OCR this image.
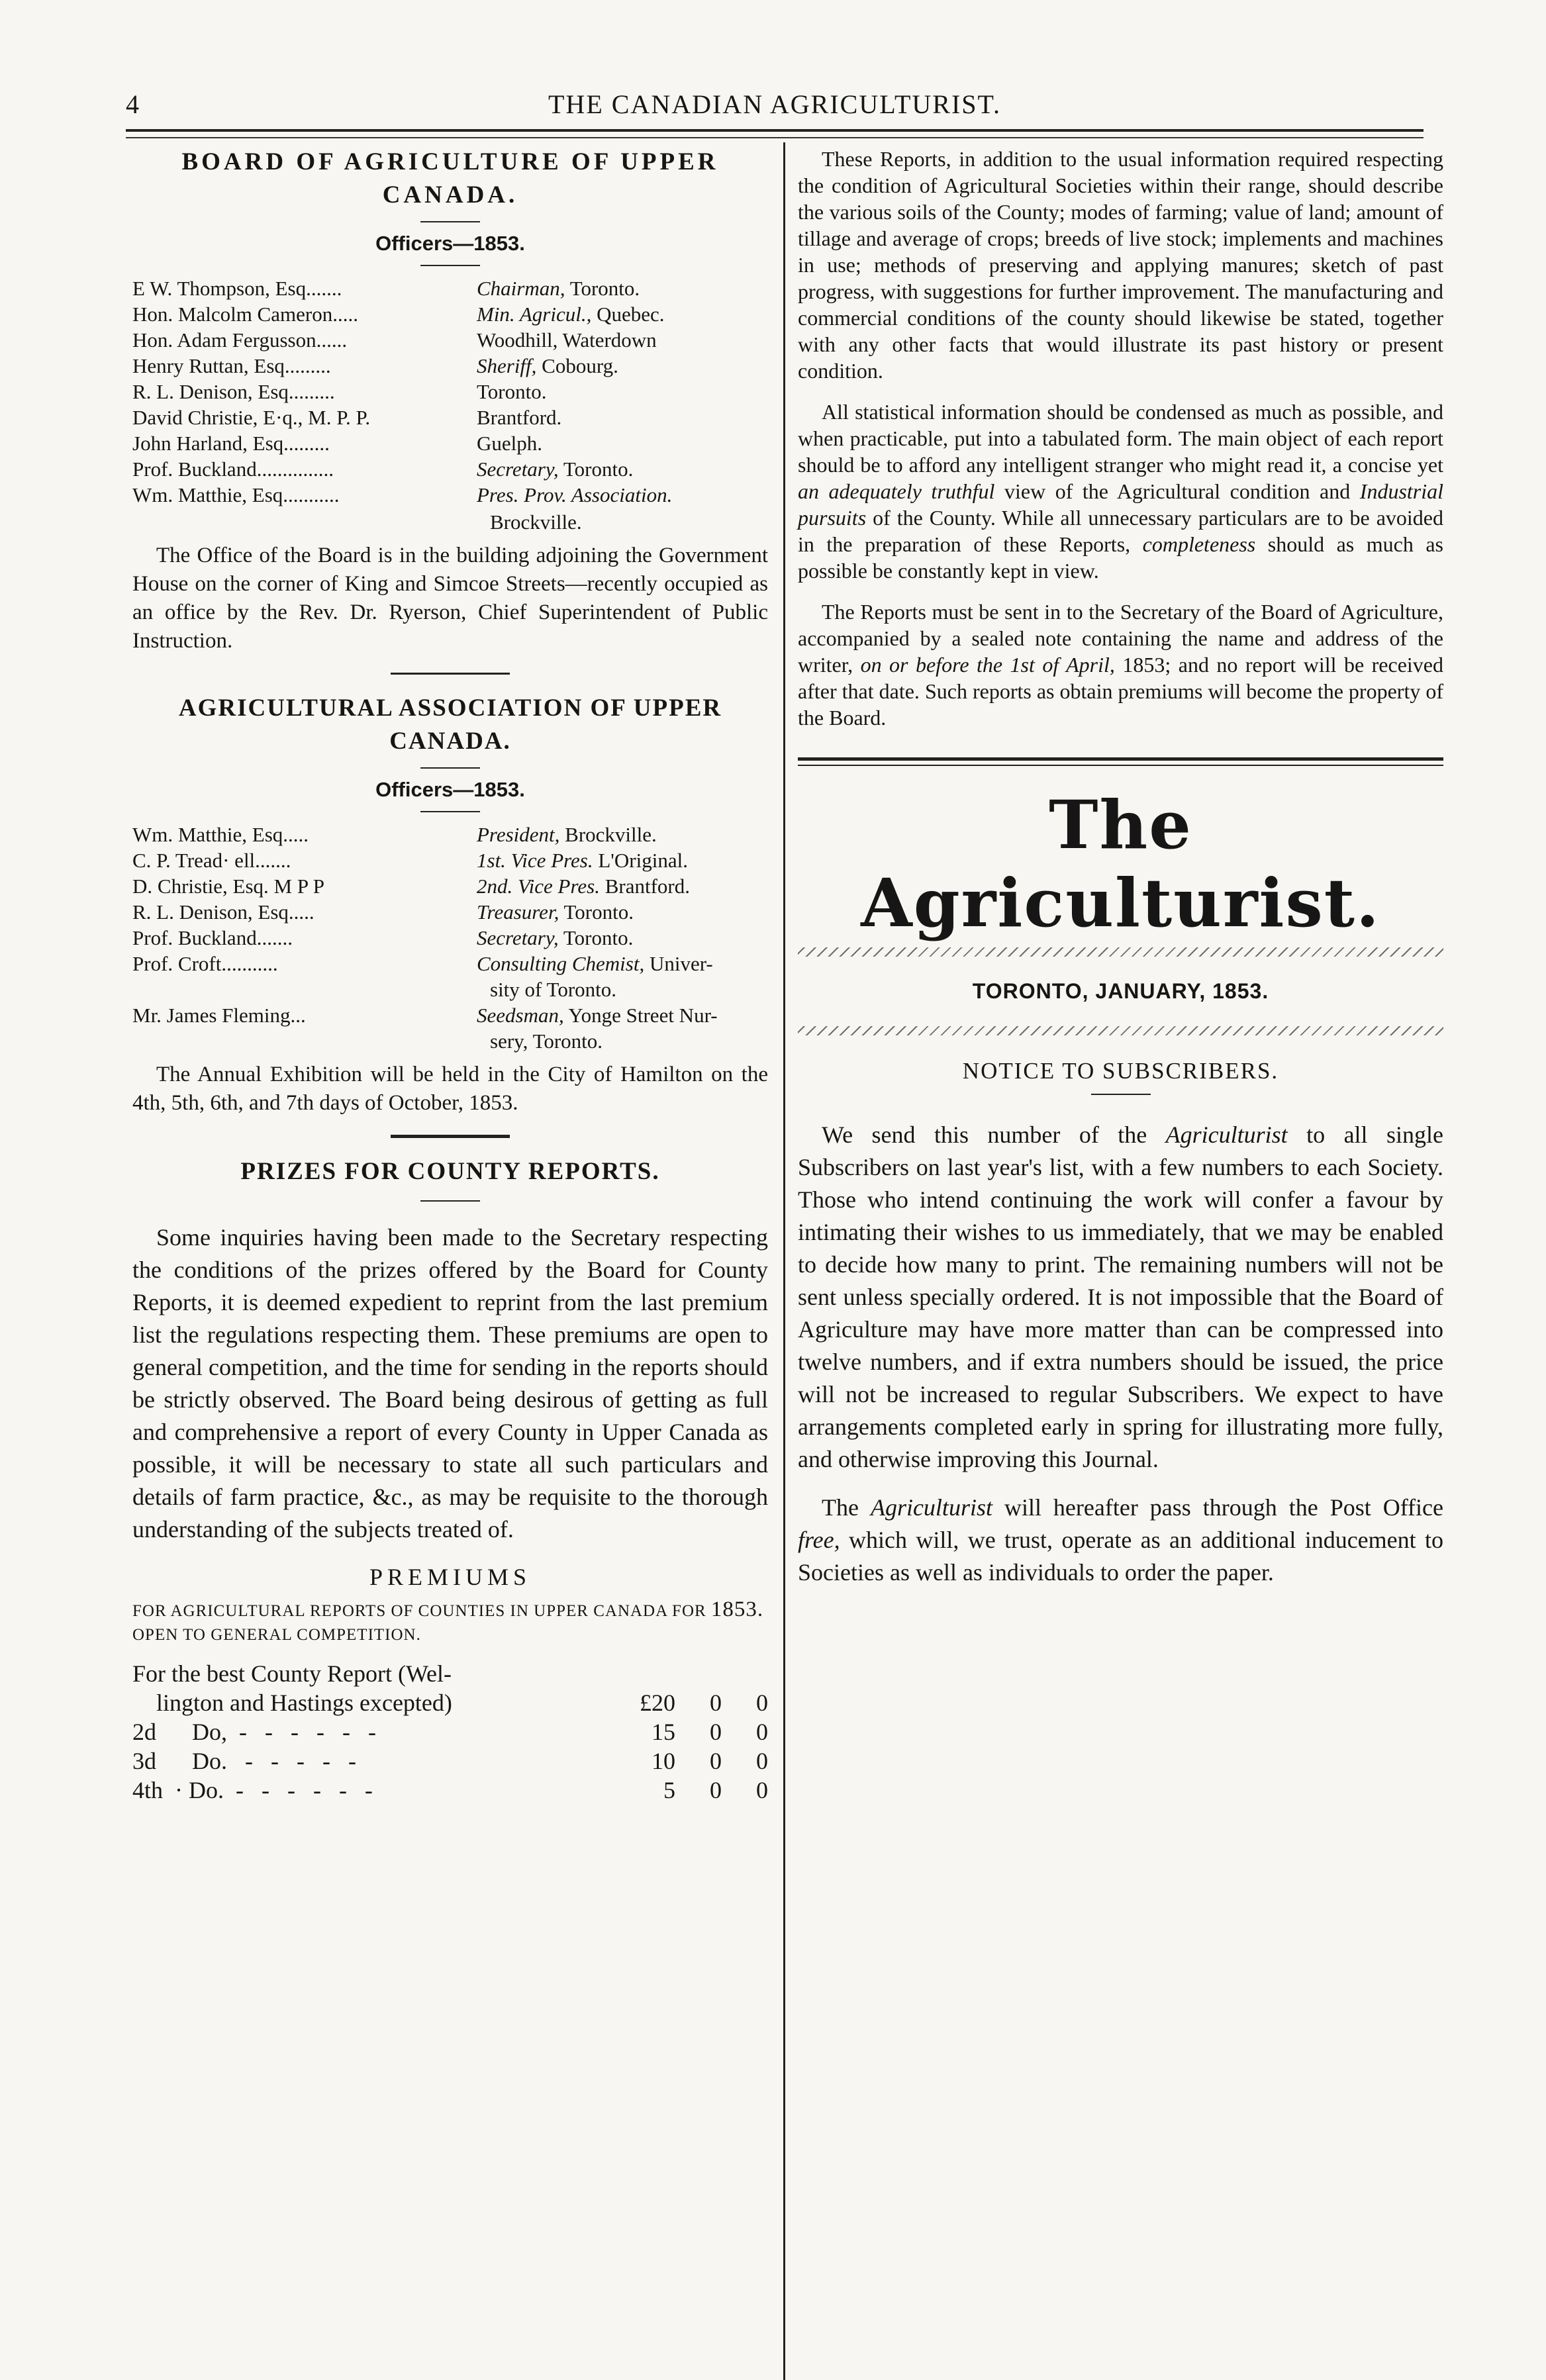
4	THE CANADIAN AGRICULTURIST.
BOARD OF AGRICULTURE OF UPPER
CANADA.
Officers—1853.
E W. Thompson, Esq.......	Chairman, Toronto.
Hon. Malcolm Cameron.....	Min. Agricul., Quebec.
Hon. Adam Fergusson......	Woodhill, Waterdown
Henry Ruttan, Esq.........	Sheriff, Cobourg.
R. L. Denison, Esq.........	Toronto.
David Christie, E·q., M. P. P.	Brantford.
John Harland, Esq.........	Guelph.
Prof. Buckland...............	Secretary, Toronto.
Wm. Matthie, Esq...........	Pres. Prov. Association.
Brockville.

The Office of the Board is in the building adjoining the Government House on the corner of King and Simcoe Streets—recently occupied as an office by the Rev. Dr. Ryerson, Chief Superintendent of Public Instruction.

AGRICULTURAL ASSOCIATION OF UPPER
CANADA.
Officers—1853.
Wm. Matthie, Esq.....	President, Brockville.
C. P. Tread· ell.......	1st. Vice Pres. L'Original.
D. Christie, Esq. M P P	2nd. Vice Pres. Brantford.
R. L. Denison, Esq.....	Treasurer, Toronto.
Prof. Buckland.......	Secretary, Toronto.
Prof. Croft...........	Consulting Chemist, Univer-
sity of Toronto.
Mr. James Fleming...	Seedsman, Yonge Street Nur-
sery, Toronto.

The Annual Exhibition will be held in the City of Hamilton on the 4th, 5th, 6th, and 7th days of October, 1853.

PRIZES FOR COUNTY REPORTS.

Some inquiries having been made to the Secretary respecting the conditions of the prizes offered by the Board for County Reports, it is deemed expedient to reprint from the last premium list the regulations respecting them. These premiums are open to general competition, and the time for sending in the reports should be strictly observed. The Board being desirous of getting as full and comprehensive a report of every County in Upper Canada as possible, it will be necessary to state all such particulars and details of farm practice, &c., as may be requisite to the thorough understanding of the subjects treated of.

PREMIUMS

FOR AGRICULTURAL REPORTS OF COUNTIES IN UPPER CANADA FOR 1853. OPEN TO GENERAL COMPETITION.

For the best County Report (Wel-			
lington and Hastings excepted)	£20	0	0
2d      Do,  -   -   -   -   -   -	15	0	0
3d      Do.   -   -   -   -   -	10	0	0
4th  · Do.  -   -   -   -   -   -	5	0	0

These Reports, in addition to the usual information required respecting the condition of Agricultural Societies within their range, should describe the various soils of the County; modes of farming; value of land; amount of tillage and average of crops; breeds of live stock; implements and machines in use; methods of preserving and applying manures; sketch of past progress, with suggestions for further improvement. The manufacturing and commercial conditions of the county should likewise be stated, together with any other facts that would illustrate its past history or present condition.

All statistical information should be condensed as much as possible, and when practicable, put into a tabulated form. The main object of each report should be to afford any intelligent stranger who might read it, a concise yet an adequately truthful view of the Agricultural condition and Industrial pursuits of the County. While all unnecessary particulars are to be avoided in the preparation of these Reports, completeness should as much as possible be constantly kept in view.

The Reports must be sent in to the Secretary of the Board of Agriculture, accompanied by a sealed note containing the name and address of the writer, on or before the 1st of April, 1853; and no report will be received after that date. Such reports as obtain premiums will become the property of the Board.

The Agriculturist.
TORONTO, JANUARY, 1853.
NOTICE TO SUBSCRIBERS.

We send this number of the Agriculturist to all single Subscribers on last year's list, with a few numbers to each Society. Those who intend continuing the work will confer a favour by intimating their wishes to us immediately, that we may be enabled to decide how many to print. The remaining numbers will not be sent unless specially ordered. It is not impossible that the Board of Agriculture may have more matter than can be compressed into twelve numbers, and if extra numbers should be issued, the price will not be increased to regular Subscribers. We expect to have arrangements completed early in spring for illustrating more fully, and otherwise improving this Journal.

The Agriculturist will hereafter pass through the Post Office free, which will, we trust, operate as an additional inducement to Societies as well as individuals to order the paper.
